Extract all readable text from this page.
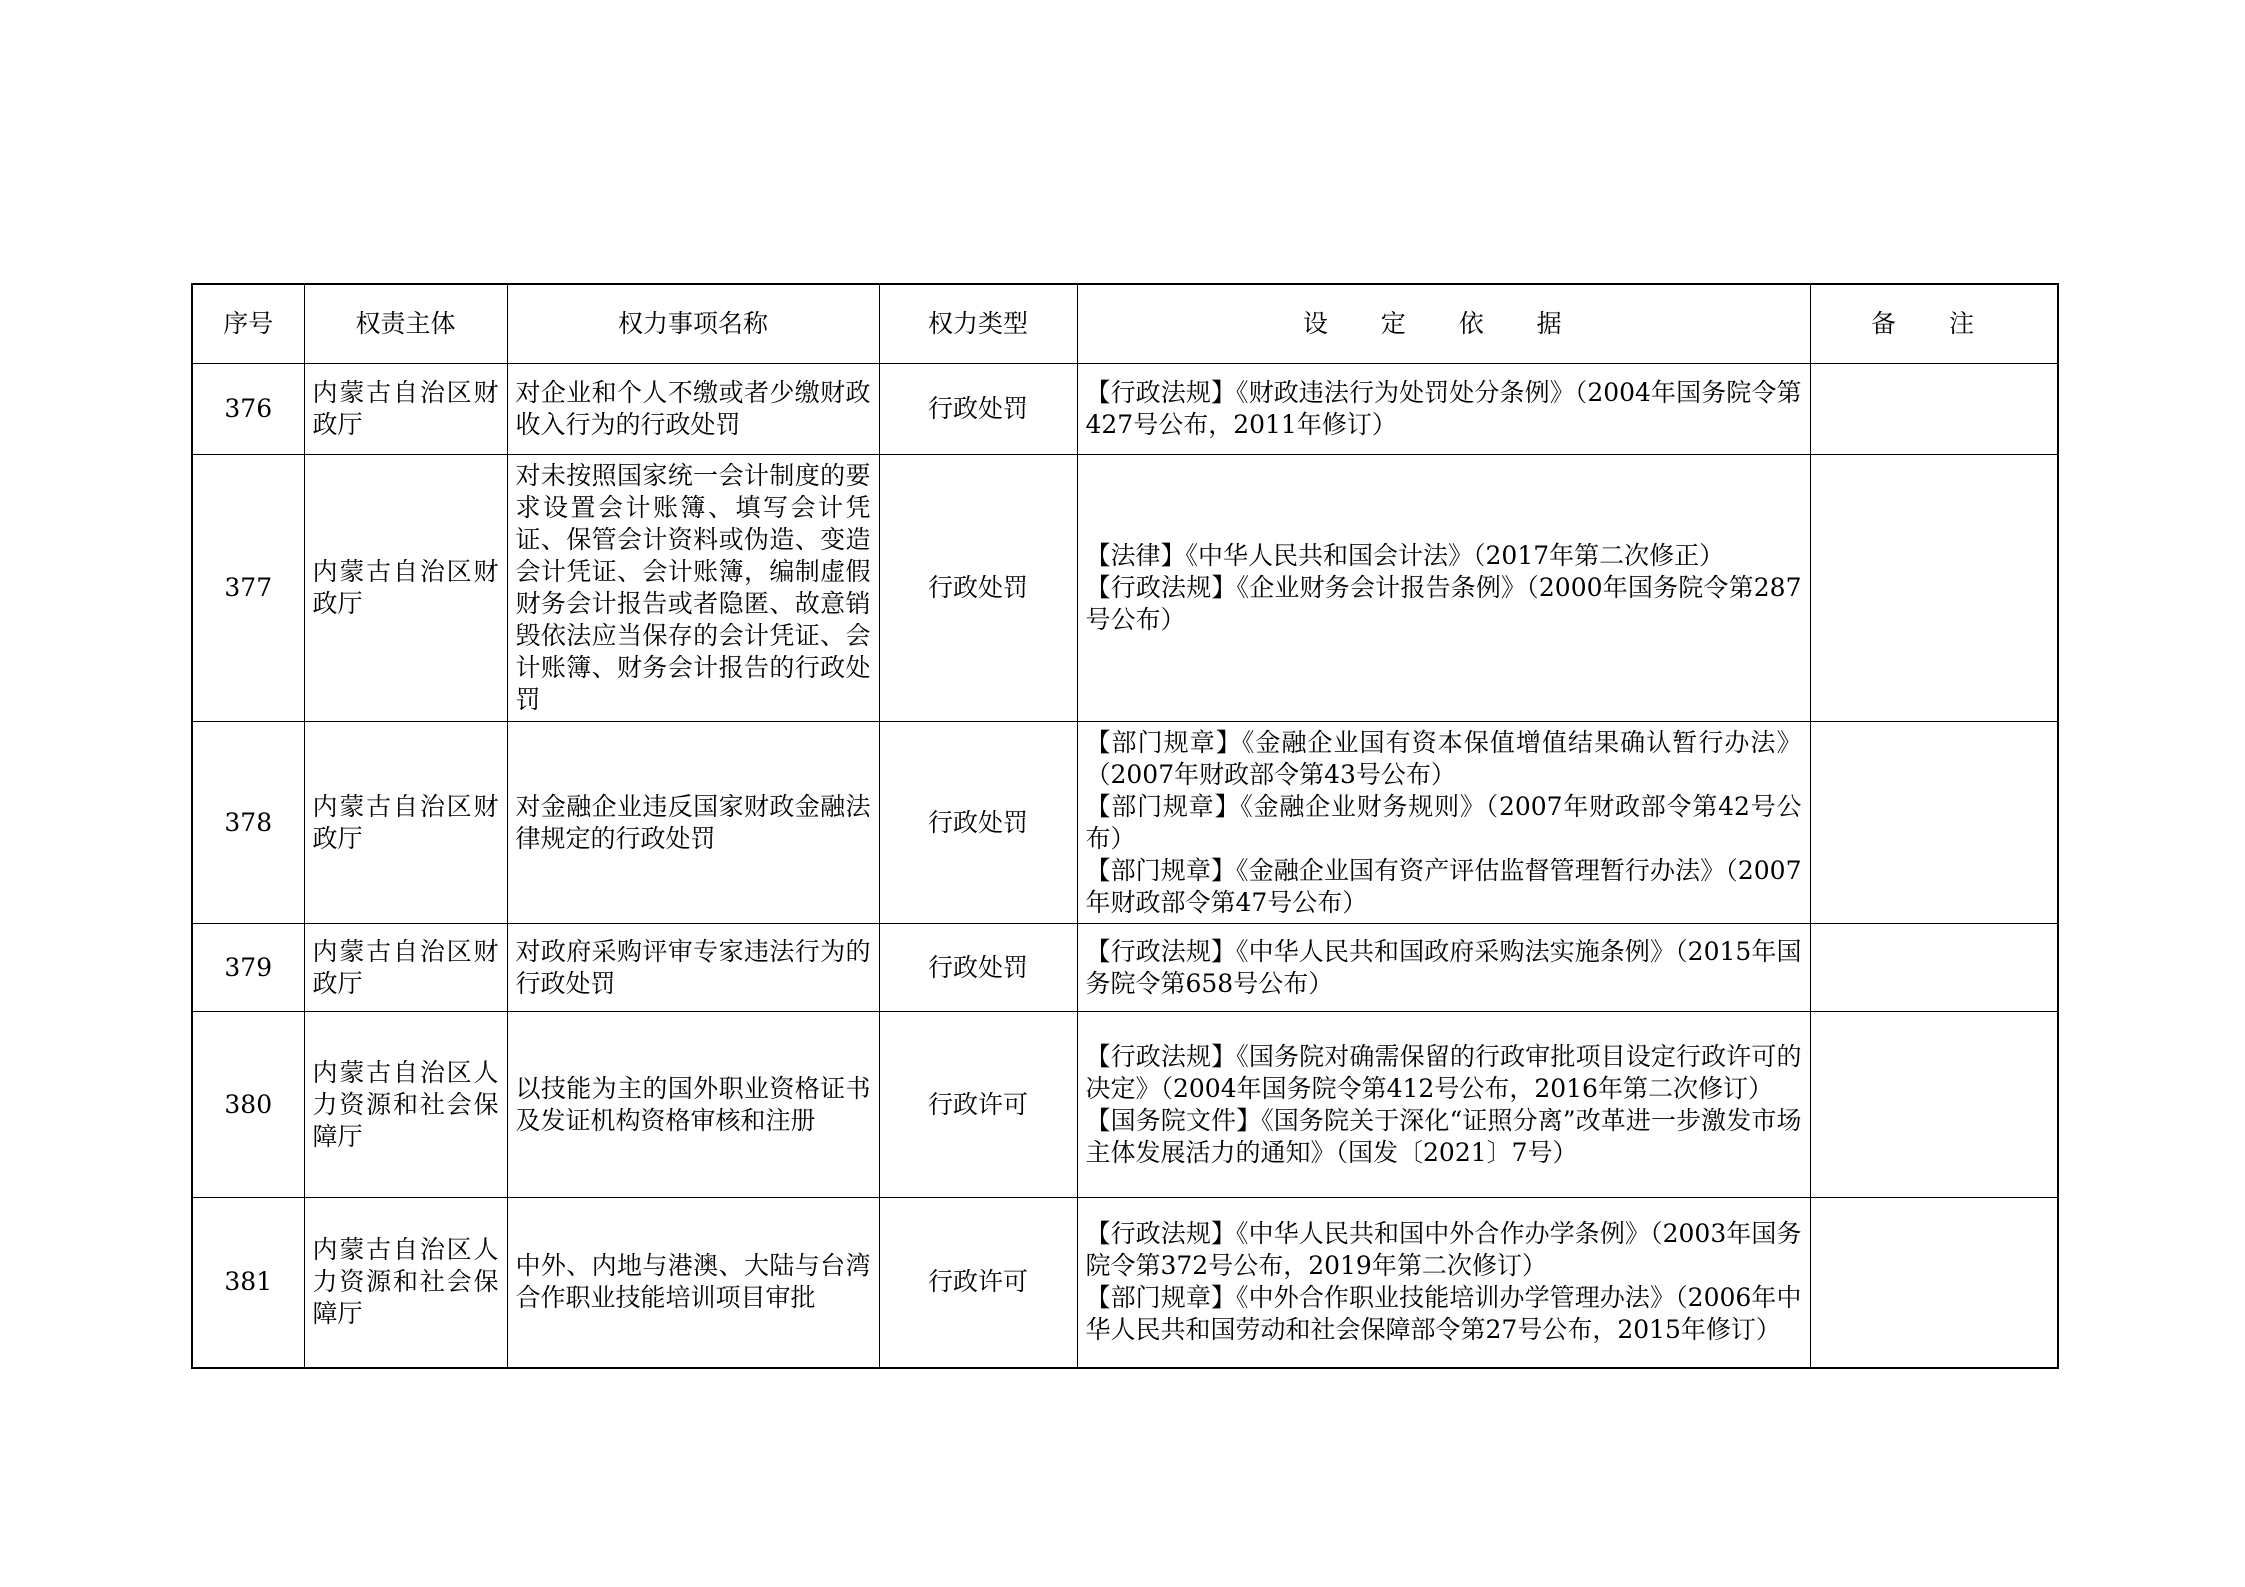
序号	权责主体	权力事项名称	权力类型	设 定 依 据	备 注
376	内蒙古自治区财政厅	对企业和个人不缴或者少缴财政收入行为的行政处罚	行政处罚	【行政法规】《财政违法行为处罚处分条例》（2004年国务院令第427号公布，2011年修订）	

377	内蒙古自治区财政厅	对未按照国家统一会计制度的要求设置会计账簿、填写会计凭证、保管会计资料或伪造、变造会计凭证、会计账簿，编制虚假财务会计报告或者隐匿、故意销毁依法应当保存的会计凭证、会计账簿、财务会计报告的行政处罚	行政处罚	【法律】《中华人民共和国会计法》（2017年第二次修正）
【行政法规】《企业财务会计报告条例》（2000年国务院令第287号公布）	

378	内蒙古自治区财政厅	对金融企业违反国家财政金融法律规定的行政处罚	行政处罚	【部门规章】《金融企业国有资本保值增值结果确认暂行办法》（2007年财政部令第43号公布）
【部门规章】《金融企业财务规则》（2007年财政部令第42号公布）
【部门规章】《金融企业国有资产评估监督管理暂行办法》（2007年财政部令第47号公布）	

379	内蒙古自治区财政厅	对政府采购评审专家违法行为的行政处罚	行政处罚	【行政法规】《中华人民共和国政府采购法实施条例》（2015年国务院令第658号公布）	

380	内蒙古自治区人力资源和社会保障厅	以技能为主的国外职业资格证书及发证机构资格审核和注册	行政许可	【行政法规】《国务院对确需保留的行政审批项目设定行政许可的决定》（2004年国务院令第412号公布，2016年第二次修订）
【国务院文件】《国务院关于深化“证照分离”改革进一步激发市场主体发展活力的通知》（国发〔2021〕7号）	

381	内蒙古自治区人力资源和社会保障厅	中外、内地与港澳、大陆与台湾合作职业技能培训项目审批	行政许可	【行政法规】《中华人民共和国中外合作办学条例》（2003年国务院令第372号公布，2019年第二次修订）
【部门规章】《中外合作职业技能培训办学管理办法》（2006年中华人民共和国劳动和社会保障部令第27号公布，2015年修订）	
